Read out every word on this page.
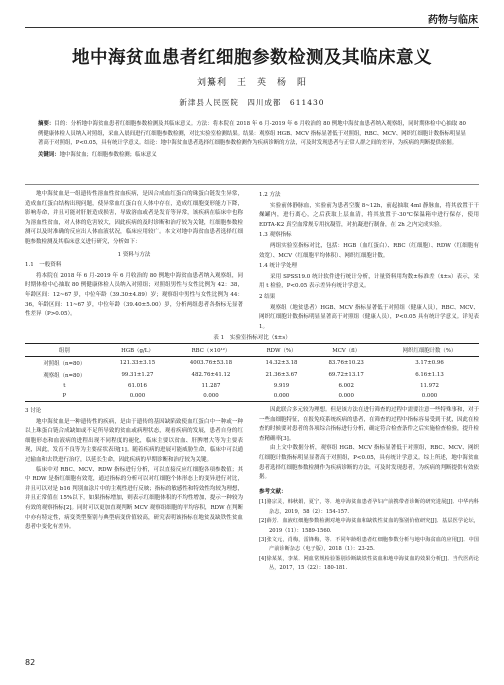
药物与临床
地中海贫血患者红细胞参数检测及其临床意义
刘䵵利　王　英　杨　阳
新津县人民医院　四川成都　611430
摘要：目的：分析地中海贫血患者红细胞参数检测及其临床意义。方法：将本院在 2018 年 6 月-2019 年 6 月收治的 80 例地中海贫血患者纳入观察组，同时期体检中心抽取 80 例健康体检人员纳入对照组，采血入晨间进行红细胞参数检测，对比实验室检测结果。结果：观察组 HGB、MCV 指标显著低于对照组，RBC、MCV、网织红细胞计数指标明显显著高于对照组，P<0.05，具有统计学意义。结论：地中海贫血患者选择红细胞参数检测作为疾病诊断的方法，可及时发现患者与正常人群之间的差异，为疾病的判断提供依据。
关键词：地中海贫血；红细胞参数检测；临床意义

地中海贫血是一组遗传性溶血性贫血疾病，是因合成血红蛋白的珠蛋白链发生异常，造成血红蛋白结构出现问题，使异常血红蛋白在人体中存在，造成红细胞变形能力下降，影响寿命，并且可能对肝脏造成损害，导致溶血或者是发育等异常，该疾病在临床中也称为溶血性贫血，对人体的危害较大，因此疾病的及时诊断和治疗较为关键，红细胞参数检测可以及时准确的反应出人体血液状况，临床应用较广。本文对地中海贫血患者选择红细胞参数检测及其临床意义进行研究，分析如下：

1 资料与方法

1.1　一般资料

将本院在 2018 年 6 月-2019 年 6 月收治的 80 例地中海贫血患者纳入观察组，同时期体检中心抽取 80 例健康体检人员纳入对照组；对照组男性与女性比例为 42：38，年龄区间：12~67 岁，中位年龄（39.30±4.89）岁；观察组中男性与女性比例为 44：36，年龄区间：11~67 岁，中位年龄（39.40±5.00）岁，分析两组患者各指标无显著性差异（P>0.05）。

1.2 方法

实验前体静脉血，实验前为患者空腹 8~12h，前起抽取 4ml 静脉血，将其放置于干燥罐内，进行离心，之后获取上层血清，将其放置于-30℃保温箱中进行保存，使用 EDTA-K2 真空血常规专用抗凝管，对抗凝进行制备，在 2h 之内完成实验。

1.3 观察指标

两组实验室指标对比，包括：HGB（血红蛋白）、RBC（红细胞）、RDW（红细胞有效宽）、MCV（红细胞平均体积）、网织红细胞计数。

1.4 统计学处理

采用 SPSS19.0 统计软件进行统计分析，计量资料用均数±标准差（x̄±s）表示，采用 t 检验，P<0.05 表示差异有统计学意义。

2 结果

观察组（地贫患者）HGB、MCV 指标显著低于对照组（健康人员），RBC、MCV、网织红细胞计数指标明显显著高于对照组（健康人员），P<0.05 具有统计学意义。详见表 1。

表 1　实验室指标对比（x̄±s）
组别	HGB（g/L）	RBC（×10¹²）	RDW（%）	MCV（fl）	网织红细胞计数（%）
对照组（n=80）	121.33±3.15	4003.76±53.18	14.32±3.18	83.76±10.23	3.17±0.96
观察组（n=80）	99.31±1.27	482.76±41.12	21.36±3.67	69.72±13.17	6.16±1.13
t	61.016	11.287	9.919	6.002	11.972
P	0.000	0.000	0.000	0.000	0.000

3 讨论

地中海贫血是一种遗传性的疾病，是由于遗传的基因缺陷致使血红蛋白中一种或一种以上珠蛋白链合成缺如或不足所导致的贫血或病理状态，观看疾病的发展，患者自身的红细胞形态和血液病的进程出现不同程度的褪化，临床主要以贫血、肝脾增大等为主要表现，因此，发育不良等为主要症状表现[1]。随着疾病的进展可能威胁生命，临床中可以通过输血和去铁进行治疗，以延长生命，因此疾病的早期诊断和治疗较为关键。

临床中对 RBC、MCV、RDW 指标进行分析，可以直接反应红细胞各项参数值；其中 RDW 是指红细胞有效宽，通过指标的分析可以对红细胞个体形态上的变异进行对比，并且可以对是 b16 判别血涂片中的主观性进行反映；指标的敏感性和特效性均较为理想，并且正常值在 15%以下，如果指标增加，则表示红细胞体积的不均性增加，提示一种较为有效的观察指标[2]。同时可以更加直观判断 MCV 观察组细胞的平均容积，RDW 在判断中亦有特定性，病变类型鉴别与典型病变价值较高，研究表明该指标在地贫及缺铁性贫血患者中变化有差异。

因此联合多元较为理想。但是该方法在进行筛查的过程中需要注意一些特殊事和，对于一些血细胞特征，在报免疫系统疾病的患者，在筛查的过程中指标容易受到干扰，因此在检查的时候要对患者的各项综合指标进行分析，确定符合检查条件之后实施检查检验，提升检查精确率[3]。

由上文中数据分析，观察组 HGB、MCV 指标显著低于对照组，RBC、MCV、网织红细胞计数指标明显显著高于对照组，P<0.05，具有统计学意义。综上所述，地中海贫血患者选择红细胞参数检测作为疾病诊断的方法，可及时发现患者，为疾病的判断提供有效依据。

参考文献：

[1]骆宗灵，韩秋娟，夏宁，等．地中海贫血患者孕妇产前携带者诊断的研究进展[J]．中华内科杂志，2019，58（2）：154-157.

[2]薛芳．血液红细胞参数检测对地中海贫血和缺铁性贫血的鉴别价值研究[J]．基层医学论坛，2019（11）：1589-1560.

[3]张文元，肖梅，雷锋梅，等．不同年龄组患者红细胞参数分析与地中海贫血的应用[J]．中国产前诊断杂志（电子版），2018（1）：23-25.

[4]徐某某，李某．网血常规检验鉴别诊断缺铁性贫血和地中海贫血的效果分析[J]．当代医药论丛，2017，15（22）：180-181.

82
